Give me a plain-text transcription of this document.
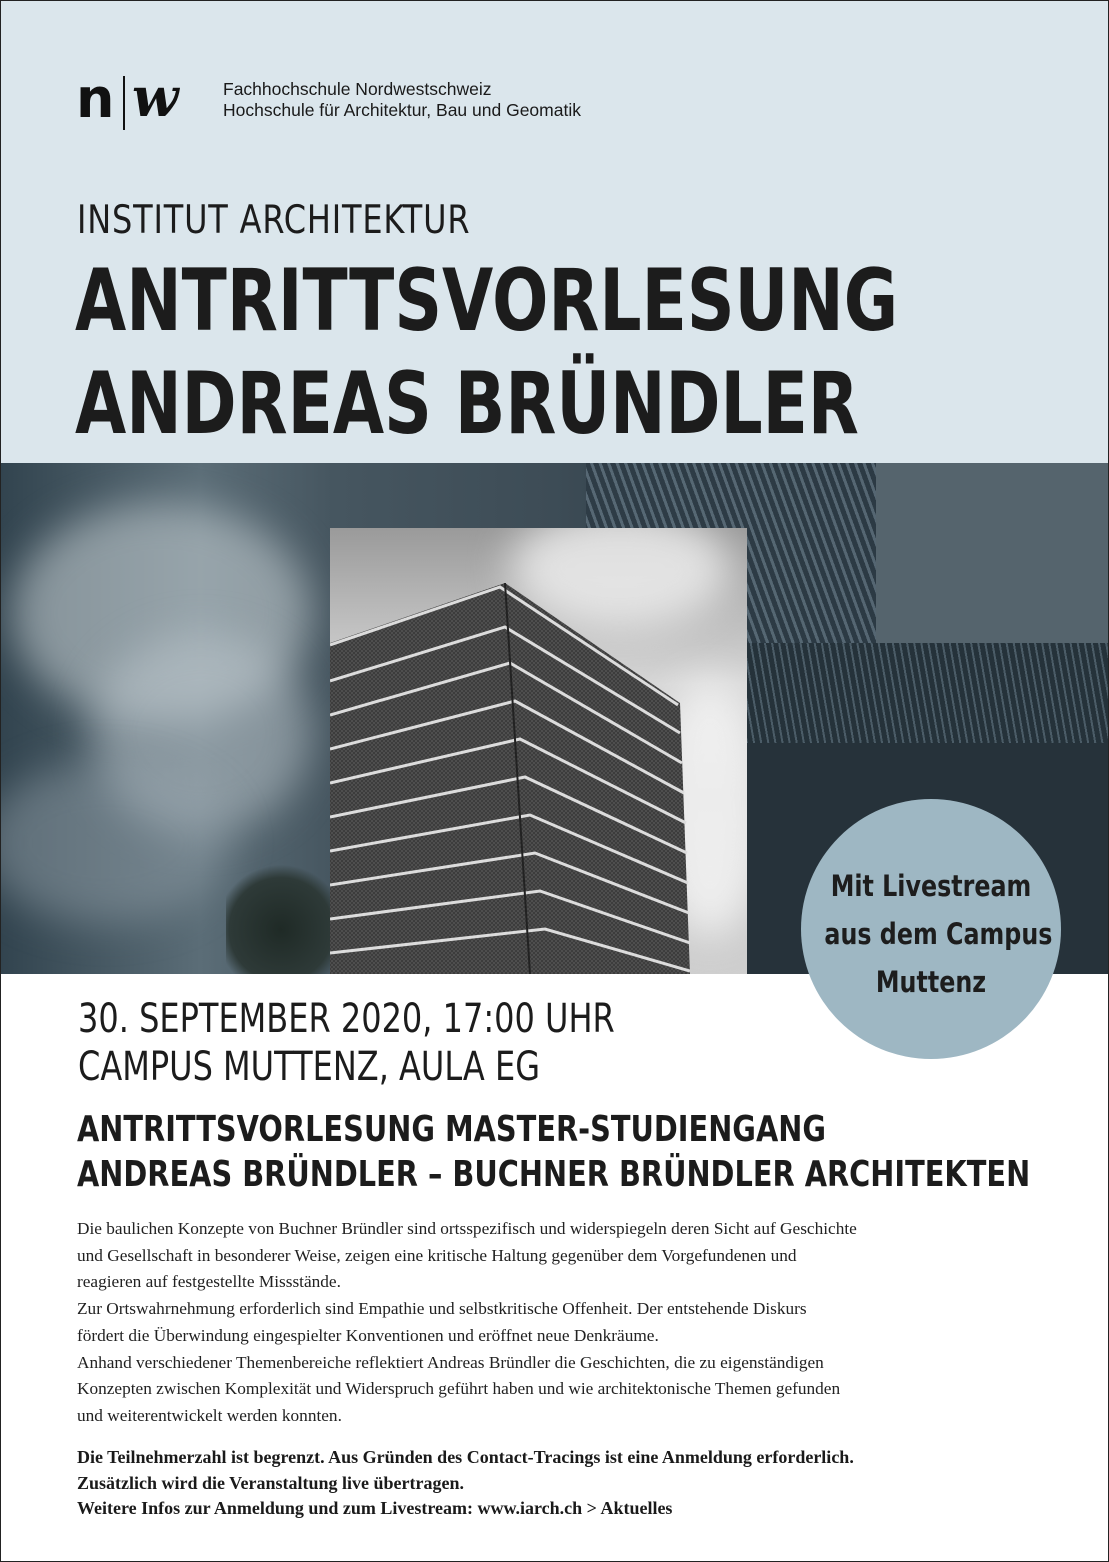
n w	Fachhochschule Nordwestschweiz
Hochschule für Architektur, Bau und Geomatik
INSTITUT ARCHITEKTUR
ANTRITTSVORLESUNG
ANDREAS BRÜNDLER
Mit Livestream
aus dem Campus
Muttenz
30. SEPTEMBER 2020, 17:00 UHR
CAMPUS MUTTENZ, AULA EG
ANTRITTSVORLESUNG MASTER-STUDIENGANG
ANDREAS BRÜNDLER – BUCHNER BRÜNDLER ARCHITEKTEN
Die baulichen Konzepte von Buchner Bründler sind ortsspezifisch und widerspiegeln deren Sicht auf Geschichte
und Gesellschaft in besonderer Weise, zeigen eine kritische Haltung gegenüber dem Vorgefundenen und
reagieren auf festgestellte Missstände.
Zur Ortswahrnehmung erforderlich sind Empathie und selbstkritische Offenheit. Der entstehende Diskurs
fördert die Überwindung eingespielter Konventionen und eröffnet neue Denkräume.
Anhand verschiedener Themenbereiche reflektiert Andreas Bründler die Geschichten, die zu eigenständigen
Konzepten zwischen Komplexität und Widerspruch geführt haben und wie architektonische Themen gefunden
und weiterentwickelt werden konnten.
Die Teilnehmerzahl ist begrenzt. Aus Gründen des Contact-Tracings ist eine Anmeldung erforderlich.
Zusätzlich wird die Veranstaltung live übertragen.
Weitere Infos zur Anmeldung und zum Livestream: www.iarch.ch > Aktuelles
